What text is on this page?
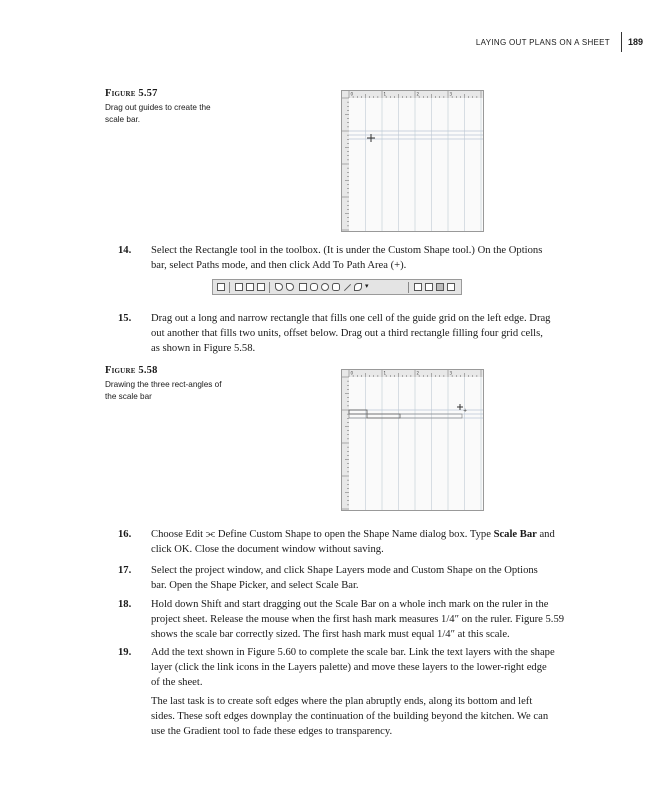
LAYING OUT PLANS ON A SHEET 189
Figure 5.57
Drag out guides to create the scale bar.
0	1	2	3
14. Select the Rectangle tool in the toolbox. (It is under the Custom Shape tool.) On the Options
bar, select Paths mode, and then click Add To Path Area (+).
▾
15. Drag out a long and narrow rectangle that fills one cell of the guide grid on the left edge. Drag
out another that fills two units, offset below. Drag out a third rectangle filling four grid cells,
as shown in Figure 5.58.
Figure 5.58
Drawing the three rect-angles of the scale bar
0	1	2	3
+
16. Choose Edit ⫘ Define Custom Shape to open the Shape Name dialog box. Type Scale Bar and
click OK. Close the document window without saving.
17. Select the project window, and click Shape Layers mode and Custom Shape on the Options
bar. Open the Shape Picker, and select Scale Bar.
18. Hold down Shift and start dragging out the Scale Bar on a whole inch mark on the ruler in the
project sheet. Release the mouse when the first hash mark measures 1/4″ on the ruler. Figure 5.59
shows the scale bar correctly sized. The first hash mark must equal 1/4″ at this scale.
19. Add the text shown in Figure 5.60 to complete the scale bar. Link the text layers with the shape
layer (click the link icons in the Layers palette) and move these layers to the lower-right edge
of the sheet.
The last task is to create soft edges where the plan abruptly ends, along its bottom and left
sides. These soft edges downplay the continuation of the building beyond the kitchen. We can
use the Gradient tool to fade these edges to transparency.
